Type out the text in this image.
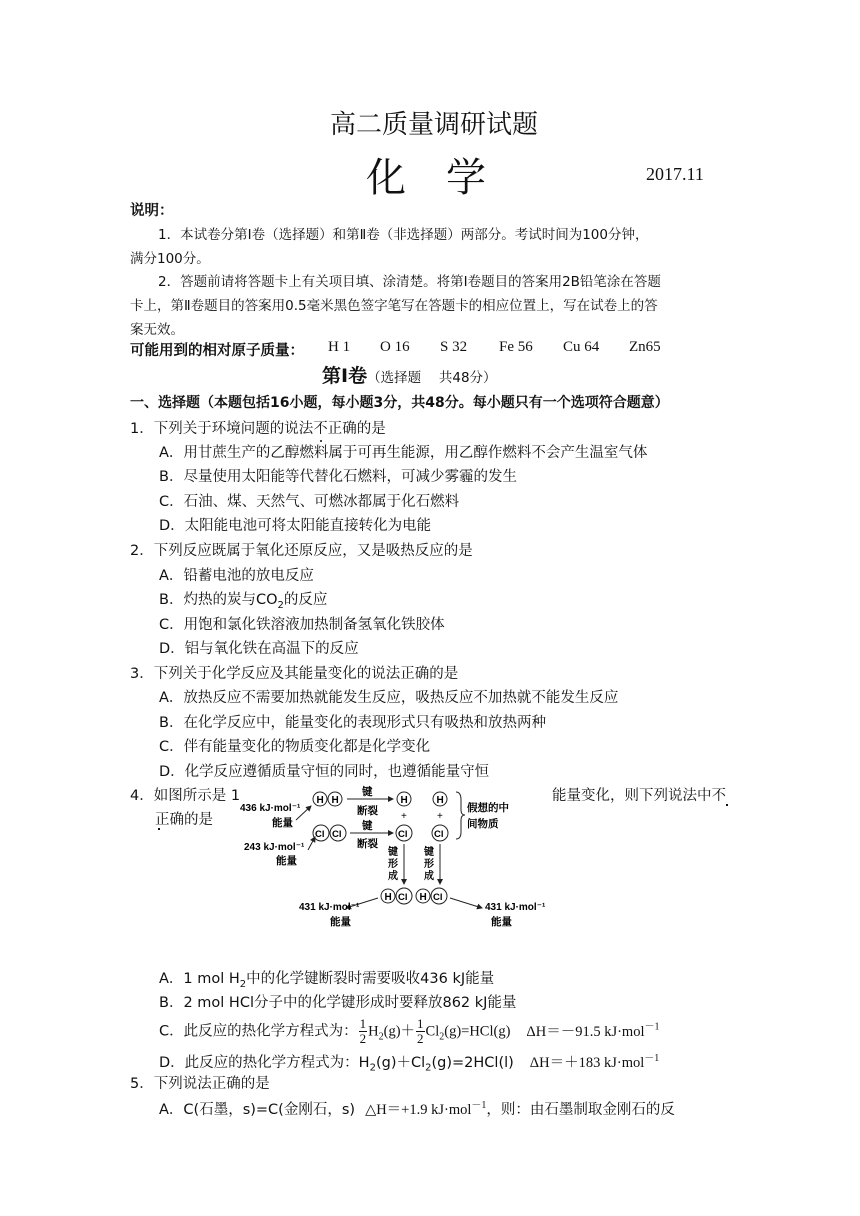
高二质量调研试题
化　学	2017.11
说明：
1．本试卷分第Ⅰ卷（选择题）和第Ⅱ卷（非选择题）两部分。考试时间为100分钟，
满分100分。
2．答题前请将答题卡上有关项目填、涂清楚。将第Ⅰ卷题目的答案用2B铅笔涂在答题
卡上，第Ⅱ卷题目的答案用0.5毫米黑色签字笔写在答题卡的相应位置上，写在试卷上的答
案无效。
可能用到的相对原子质量： H 1 O 16 S 32 Fe 56 Cu 64 Zn65
第Ⅰ卷（选择题　 共48分）
一、选择题（本题包括16小题，每小题3分，共48分。每小题只有一个选项符合题意）
1．下列关于环境问题的说法不正确的是
A．用甘蔗生产的乙醇燃料属于可再生能源，用乙醇作燃料不会产生温室气体
B．尽量使用太阳能等代替化石燃料，可减少雾霾的发生
C．石油、煤、天然气、可燃冰都属于化石燃料
D．太阳能电池可将太阳能直接转化为电能
2．下列反应既属于氧化还原反应，又是吸热反应的是
A．铅蓄电池的放电反应
B．灼热的炭与$CO_2$的反应
C．用饱和氯化铁溶液加热制备氢氧化铁胶体
D．铝与氧化铁在高温下的反应
3．下列关于化学反应及其能量变化的说法正确的是
A．放热反应不需要加热就能发生反应，吸热反应不加热就不能发生反应
B．在化学反应中，能量变化的表现形式只有吸热和放热两种
C．伴有能量变化的物质变化都是化学变化
D．化学反应遵循质量守恒的同时，也遵循能量守恒
4．如图所示是 1	能量变化，则下列说法中不
正确的是
436 kJ·mol⁻¹
能量
H H
键
断裂
H
+
H
+
假想的中
间物质
Cl Cl
键
断裂
Cl	Cl
243 kJ·mol⁻¹
能量
键
形
成
键
形
成
H Cl H Cl
431 kJ·mol⁻¹
能量
431 kJ·mol⁻¹
能量
A．1 mol $H_2$中的化学键断裂时需要吸收436 kJ能量
B．2 mol HCl分子中的化学键形成时要释放862 kJ能量
C．此反应的热化学方程式为： $\frac{1}{2} H_2(g)+ \frac{1}{2} Cl_2(g)=HCl(g)$ ΔH＝－91.5 kJ·mol$^{-1}$
D．此反应的热化学方程式为：$H_2(g)+Cl_2(g)=2HCl(l)$ ΔH＝＋183 kJ·mol$^{-1}$
5．下列说法正确的是
A．C(石墨，s)=C(金刚石，s) △H＝+1.9 kJ·mol$^{-1}$，则：由石墨制取金刚石的反
